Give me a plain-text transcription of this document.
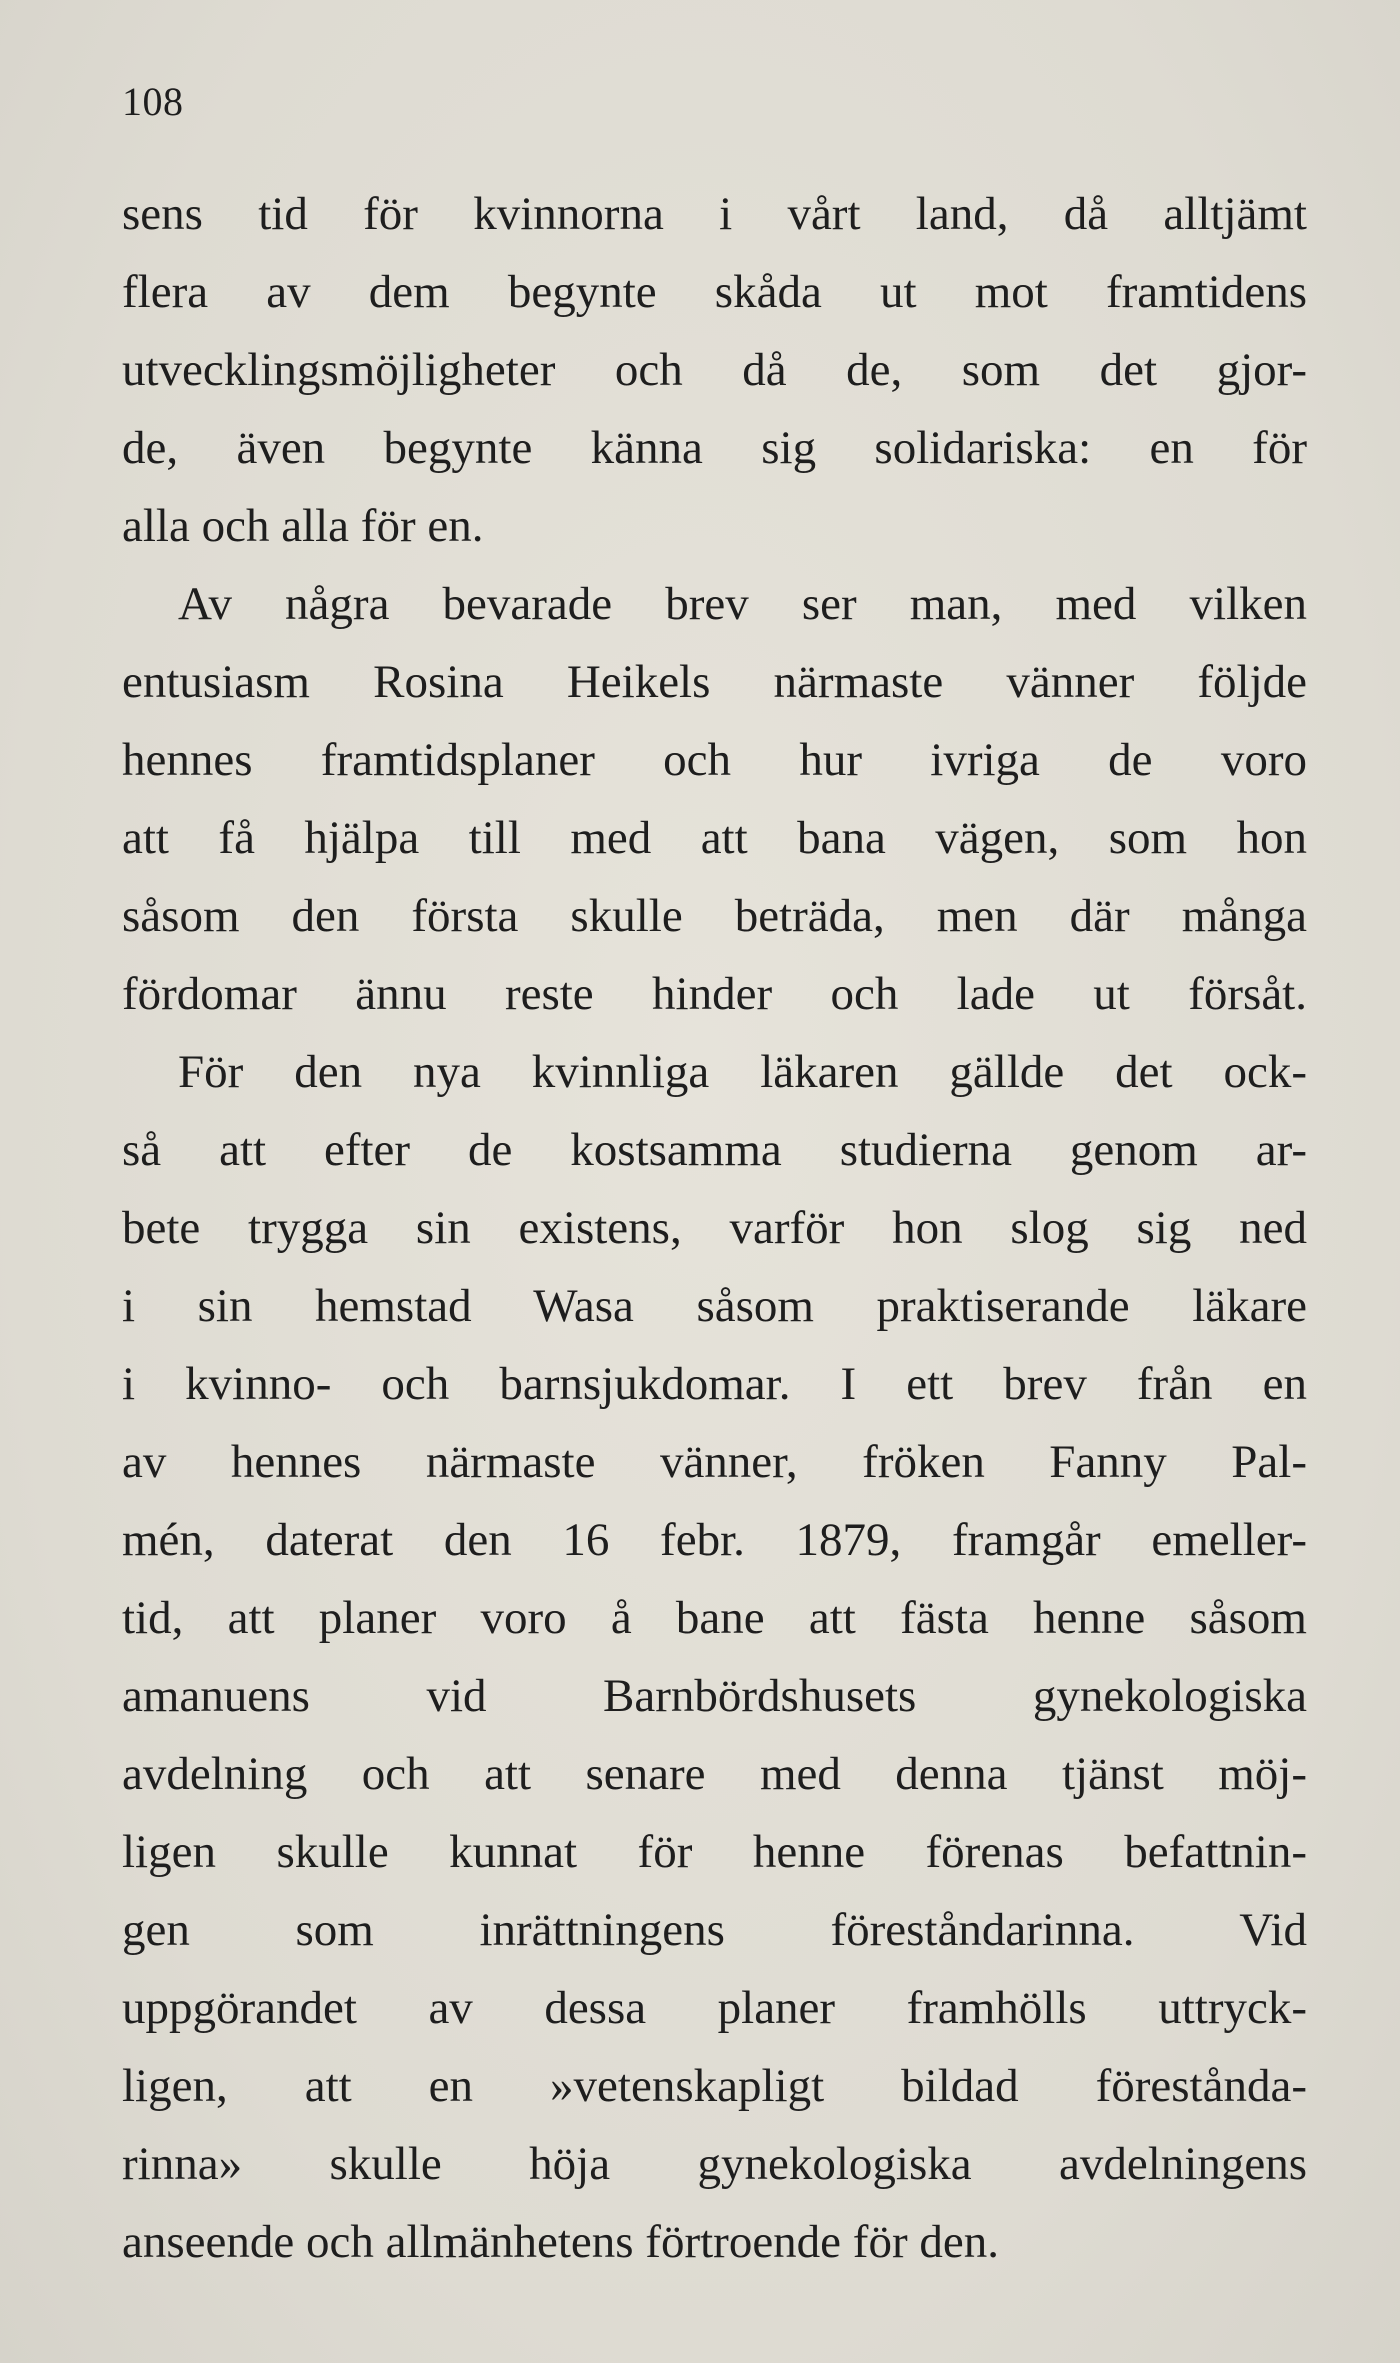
108
sens tid för kvinnorna i vårt land, då alltjämt
flera av dem begynte skåda ut mot framtidens
utvecklingsmöjligheter och då de, som det gjor-
de, även begynte känna sig solidariska: en för
alla och alla för en.
Av några bevarade brev ser man, med vilken
entusiasm Rosina Heikels närmaste vänner följde
hennes framtidsplaner och hur ivriga de voro
att få hjälpa till med att bana vägen, som hon
såsom den första skulle beträda, men där många
fördomar ännu reste hinder och lade ut försåt.
För den nya kvinnliga läkaren gällde det ock-
så att efter de kostsamma studierna genom ar-
bete trygga sin existens, varför hon slog sig ned
i sin hemstad Wasa såsom praktiserande läkare
i kvinno- och barnsjukdomar. I ett brev från en
av hennes närmaste vänner, fröken Fanny Pal-
mén, daterat den 16 febr. 1879, framgår emeller-
tid, att planer voro å bane att fästa henne såsom
amanuens vid Barnbördshusets gynekologiska
avdelning och att senare med denna tjänst möj-
ligen skulle kunnat för henne förenas befattnin-
gen som inrättningens föreståndarinna. Vid
uppgörandet av dessa planer framhölls uttryck-
ligen, att en »vetenskapligt bildad förestånda-
rinna» skulle höja gynekologiska avdelningens
anseende och allmänhetens förtroende för den.
